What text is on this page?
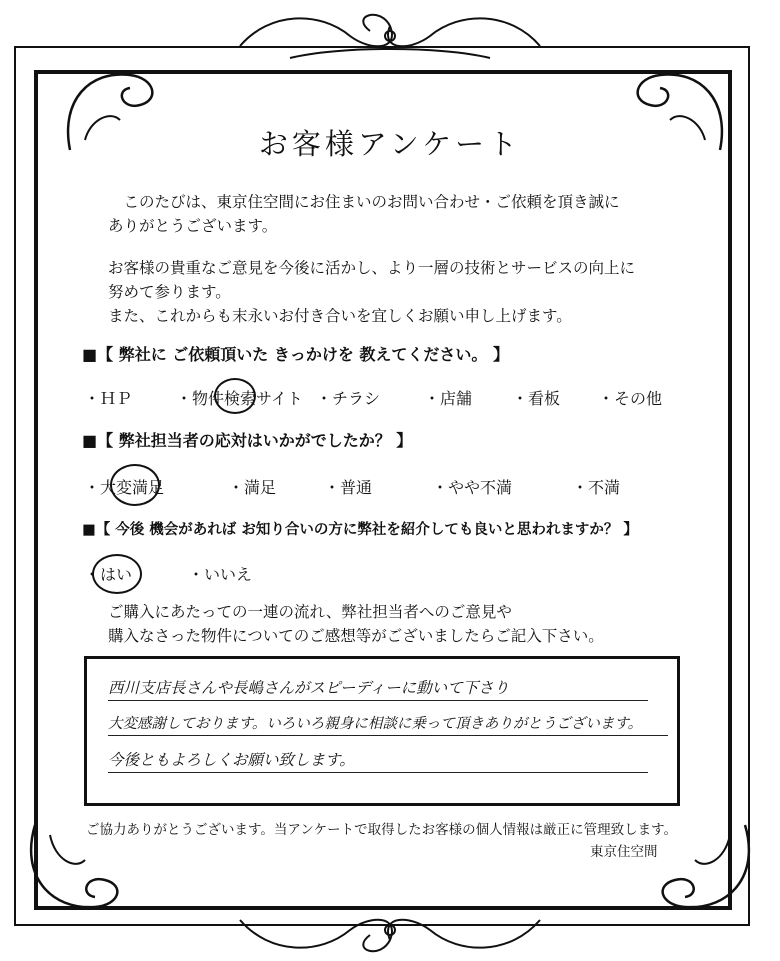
お客様アンケート
このたびは、東京住空間にお住まいのお問い合わせ・ご依頼を頂き誠に
ありがとうございます。
お客様の貴重なご意見を今後に活かし、より一層の技術とサービスの向上に
努めて参ります。
また、これからも末永いお付き合いを宜しくお願い申し上げます。
■【 弊社に ご依頼頂いた きっかけを 教えてください。 】
・ＨＰ	・物件検索サイト ・チラシ	・店舗 ・看板 ・その他
■【 弊社担当者の応対はいかがでしたか？ 】
・大変満足	・満足	・普通	・やや不満	・不満
■【 今後 機会があれば お知り合いの方に弊社を紹介しても良いと思われますか？ 】
・はい	・いいえ
ご購入にあたっての一連の流れ、弊社担当者へのご意見や
購入なさった物件についてのご感想等がございましたらご記入下さい。
西川支店長さんや長嶋さんがスピーディーに動いて下さり
大変感謝しております。いろいろ親身に相談に乗って頂きありがとうございます。
今後ともよろしくお願い致します。
ご協力ありがとうございます。当アンケートで取得したお客様の個人情報は厳正に管理致します。
東京住空間
